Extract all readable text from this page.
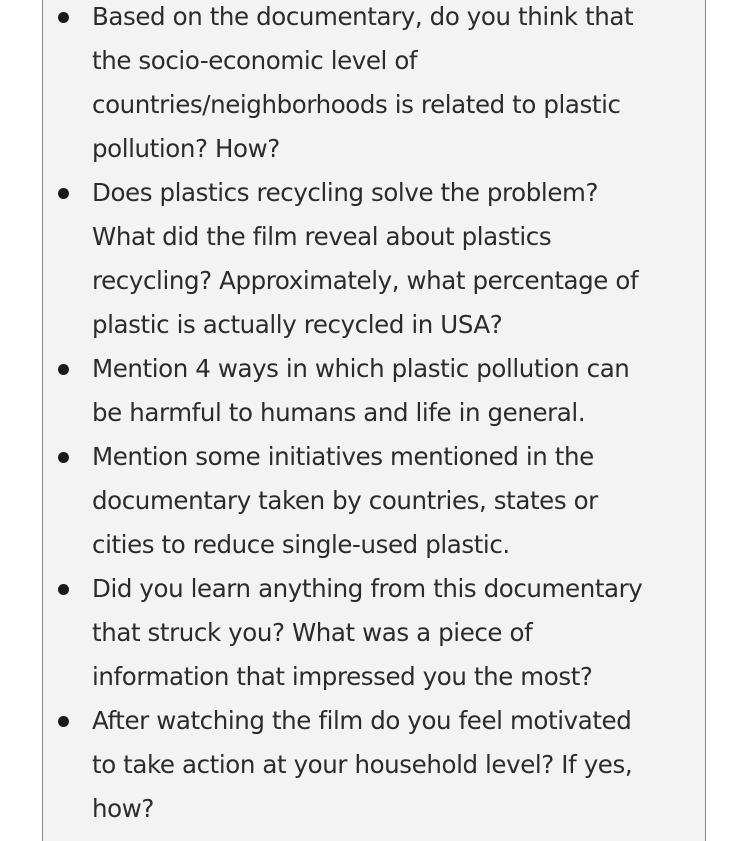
Based on the documentary, do you think that
the socio-economic level of
countries/neighborhoods is related to plastic
pollution? How?
Does plastics recycling solve the problem?
What did the film reveal about plastics
recycling? Approximately, what percentage of
plastic is actually recycled in USA?
Mention 4 ways in which plastic pollution can
be harmful to humans and life in general.
Mention some initiatives mentioned in the
documentary taken by countries, states or
cities to reduce single-used plastic.
Did you learn anything from this documentary
that struck you? What was a piece of
information that impressed you the most?
After watching the film do you feel motivated
to take action at your household level? If yes,
how?
